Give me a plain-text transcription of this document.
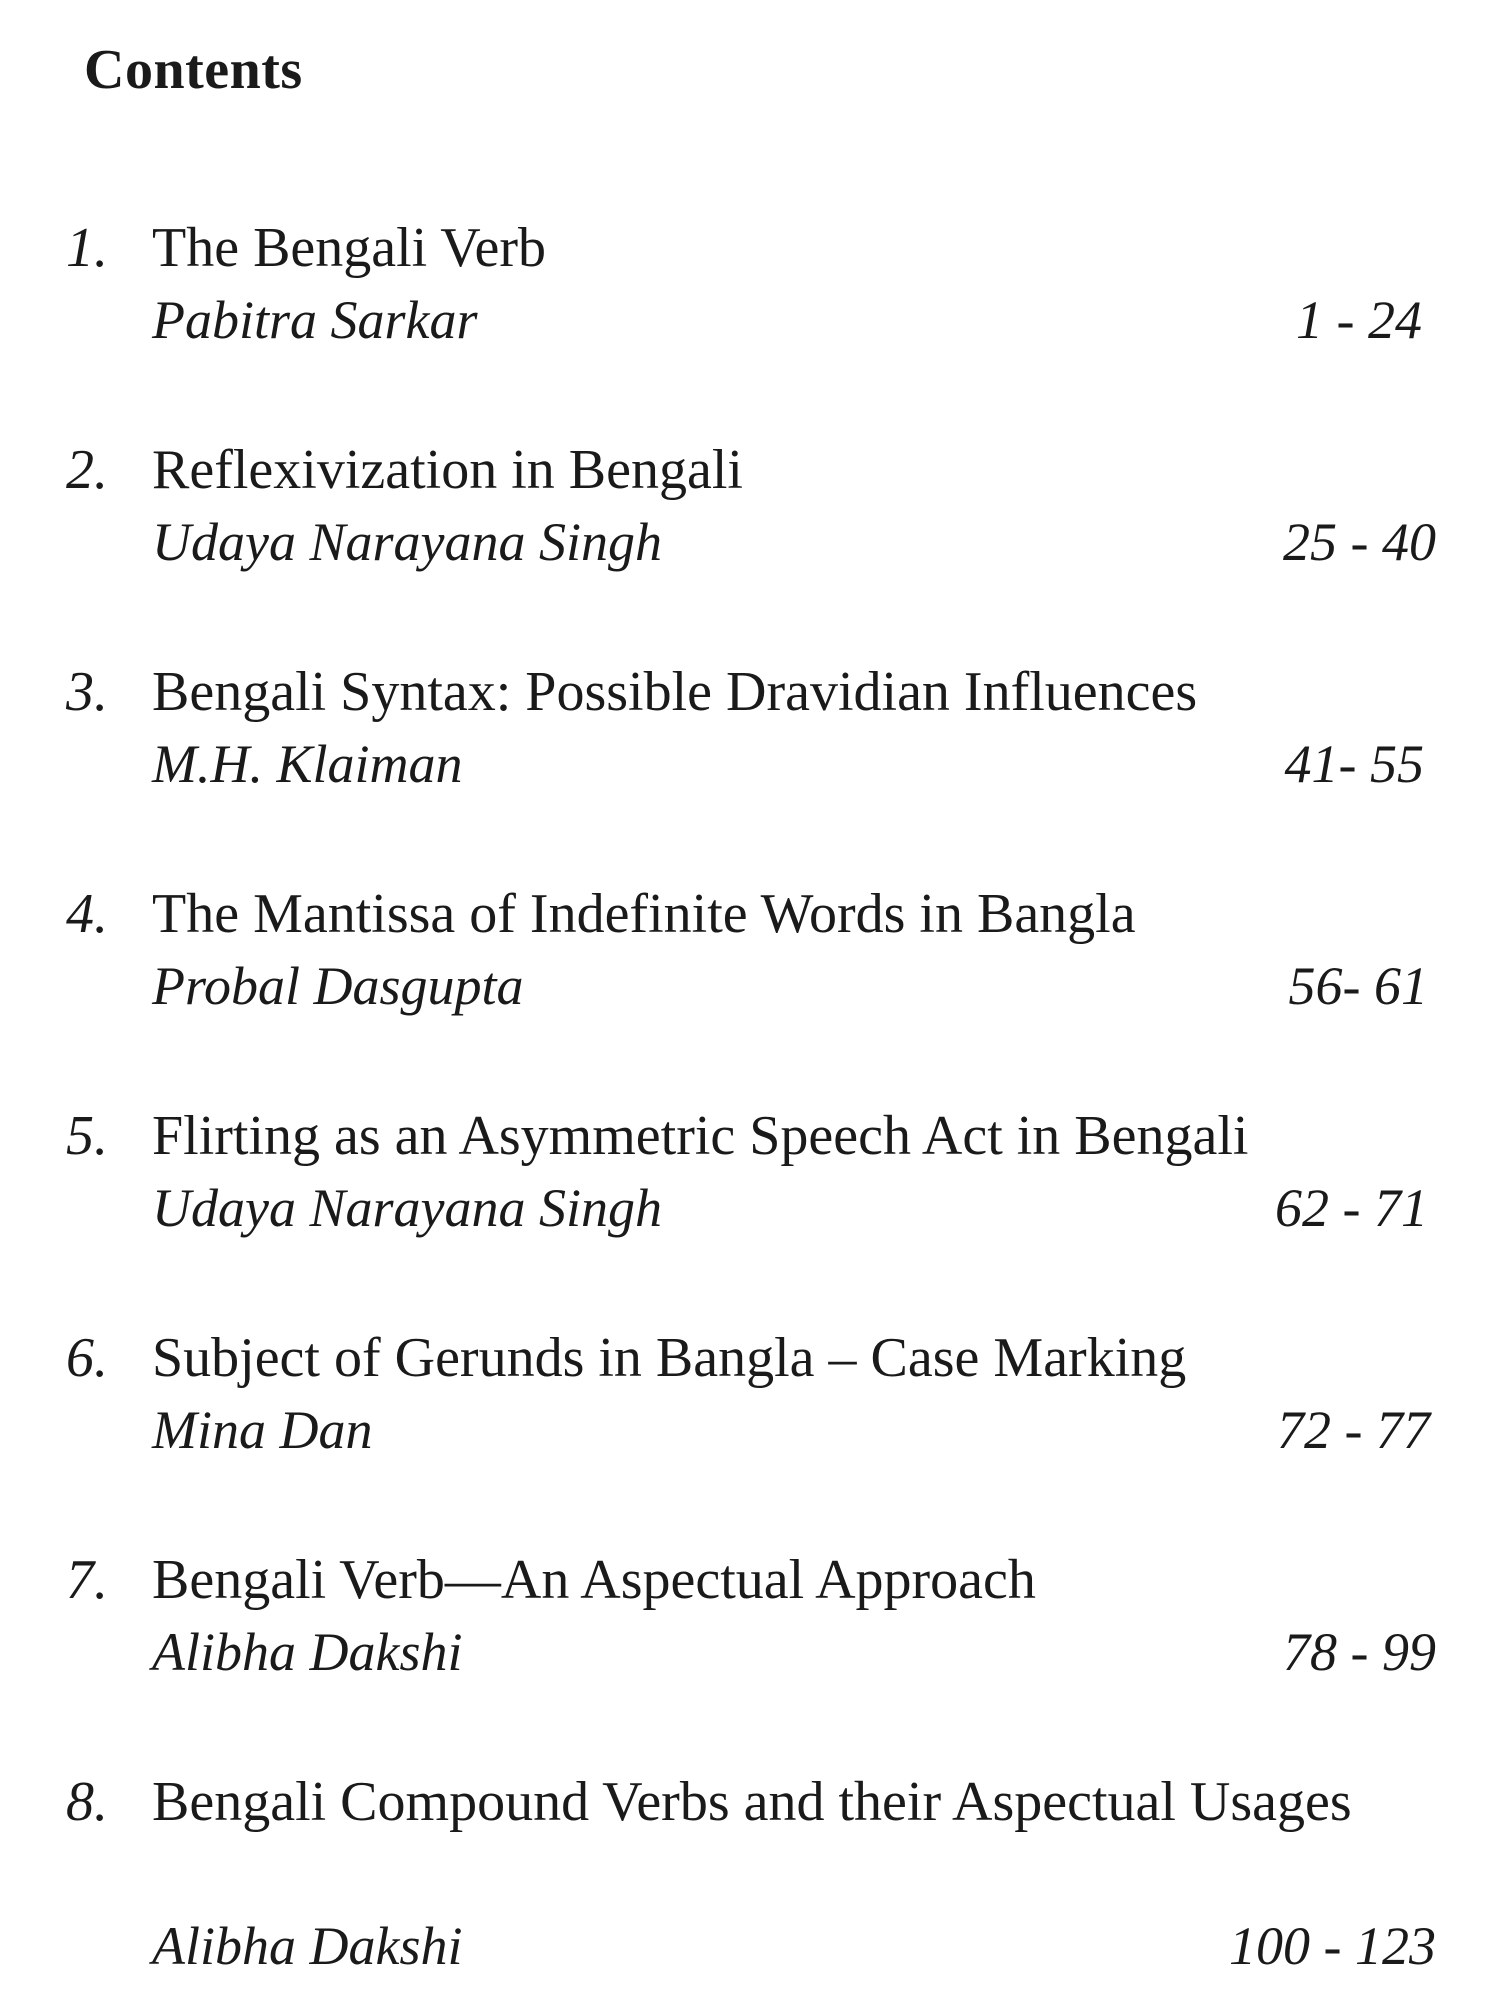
Contents
1. The Bengali Verb
Pabitra Sarkar	1 - 24
2. Reflexivization in Bengali
Udaya Narayana Singh	25 - 40
3. Bengali Syntax: Possible Dravidian Influences
M.H. Klaiman	41- 55
4. The Mantissa of Indefinite Words in Bangla
Probal Dasgupta	56- 61
5. Flirting as an Asymmetric Speech Act in Bengali
Udaya Narayana Singh	62 - 71
6. Subject of Gerunds in Bangla – Case Marking
Mina Dan	72 - 77
7. Bengali Verb—An Aspectual Approach
Alibha Dakshi	78 - 99
8. Bengali Compound Verbs and their Aspectual Usages
Alibha Dakshi	100 - 123
